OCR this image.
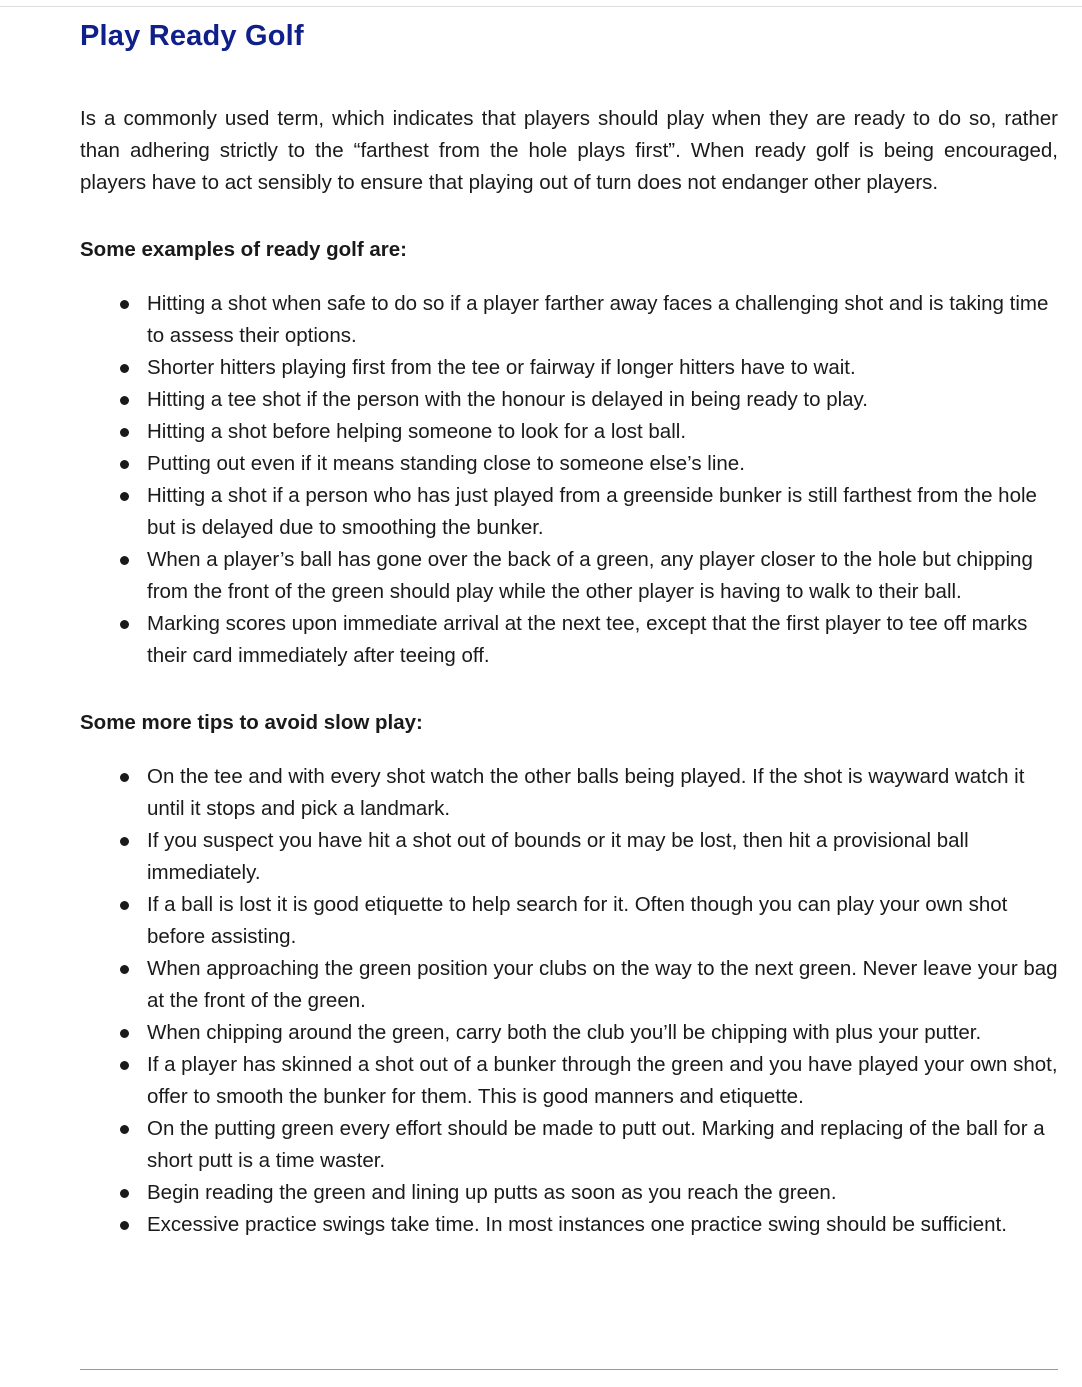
Play Ready Golf

Is a commonly used term, which indicates that players should play when they are ready to do so, rather than adhering strictly to the “farthest from the hole plays first”. When ready golf is being encouraged, players have to act sensibly to ensure that playing out of turn does not endanger other players.

Some examples of ready golf are:
Hitting a shot when safe to do so if a player farther away faces a challenging shot and is taking time to assess their options.
Shorter hitters playing first from the tee or fairway if longer hitters have to wait.
Hitting a tee shot if the person with the honour is delayed in being ready to play.
Hitting a shot before helping someone to look for a lost ball.
Putting out even if it means standing close to someone else’s line.
Hitting a shot if a person who has just played from a greenside bunker is still farthest from the hole but is delayed due to smoothing the bunker.
When a player’s ball has gone over the back of a green, any player closer to the hole but chipping from the front of the green should play while the other player is having to walk to their ball.
Marking scores upon immediate arrival at the next tee, except that the first player to tee off marks their card immediately after teeing off.
Some more tips to avoid slow play:
On the tee and with every shot watch the other balls being played. If the shot is wayward watch it until it stops and pick a landmark.
If you suspect you have hit a shot out of bounds or it may be lost, then hit a provisional ball immediately.
If a ball is lost it is good etiquette to help search for it. Often though you can play your own shot before assisting.
When approaching the green position your clubs on the way to the next green. Never leave your bag at the front of the green.
When chipping around the green, carry both the club you’ll be chipping with plus your putter.
If a player has skinned a shot out of a bunker through the green and you have played your own shot, offer to smooth the bunker for them. This is good manners and etiquette.
On the putting green every effort should be made to putt out. Marking and replacing of the ball for a short putt is a time waster.
Begin reading the green and lining up putts as soon as you reach the green.
Excessive practice swings take time. In most instances one practice swing should be sufficient.
